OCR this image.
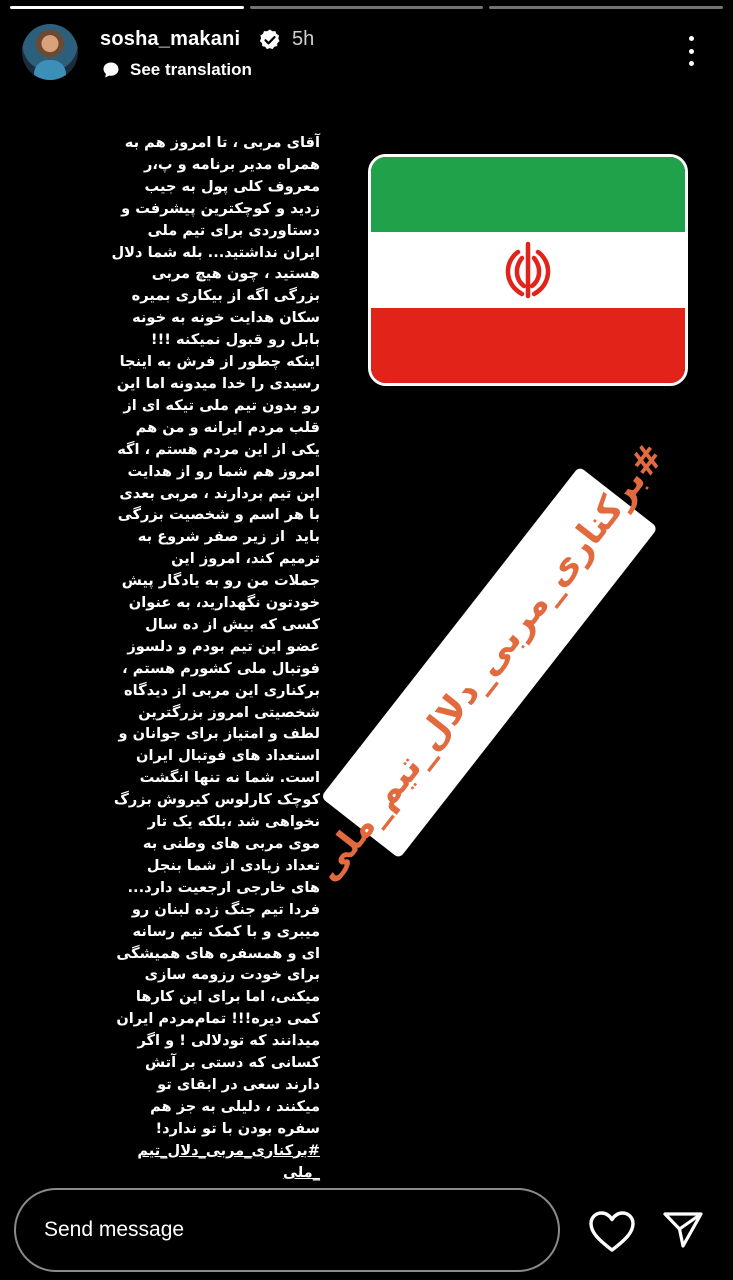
sosha_makani	5h
See translation
آقای مربی ، تا امروز هم به
همراه مدیر برنامه و پ،ر
معروف کلی پول به جیب
زدید و کوچکترین پیشرفت و
دستاوردی برای تیم ملی
ایران نداشتید... بله شما دلال
هستید ، چون هیچ مربی
بزرگی اگه از بیکاری بمیره
سکان هدایت خونه به خونه
بابل رو قبول نمیکنه !!!
اینکه چطور از فرش به اینجا
رسیدی را خدا میدونه اما این
رو بدون تیم ملی تیکه ای از
قلب مردم ایرانه و من هم
یکی از این مردم هستم ، اگه
امروز هم شما رو از هدایت
این تیم بردارند ، مربی بعدی
با هر اسم و شخصیت بزرگی
باید  از زیر صفر شروع به
ترمیم کند، امروز این
جملات من رو به یادگار پیش
خودتون نگهدارید، به عنوان
کسی که بیش از ده سال
عضو این تیم بودم و دلسوز
فوتبال ملی کشورم هستم ،
برکناری این مربی از دیدگاه
شخصیتی امروز بزرگترین
لطف و امتیاز برای جوانان و
استعداد های فوتبال ایران
است. شما نه تنها انگشت
کوچک کارلوس کیروش بزرگ
نخواهی شد ،بلکه یک تار
موی مربی های وطنی به
تعداد زیادی از شما بنجل
های خارجی ارجعیت دارد...
فردا تیم جنگ زده لبنان رو
میبری و با کمک تیم رسانه
ای و همسفره های همیشگی
برای خودت رزومه سازی
میکنی، اما برای این کارها
کمی دیره!!! تمام‌مردم ایران
میدانند که تودلالی ! و اگر
کسانی که دستی بر آتش
دارند سعی در ابقای تو
میکنند ، دلیلی به جز هم
سفره بودن با تو ندارد!
#برکناری_مربی_دلال_تیم
_ملی
#برکناری_مربی_دلال_تیم_ملی
Send message
